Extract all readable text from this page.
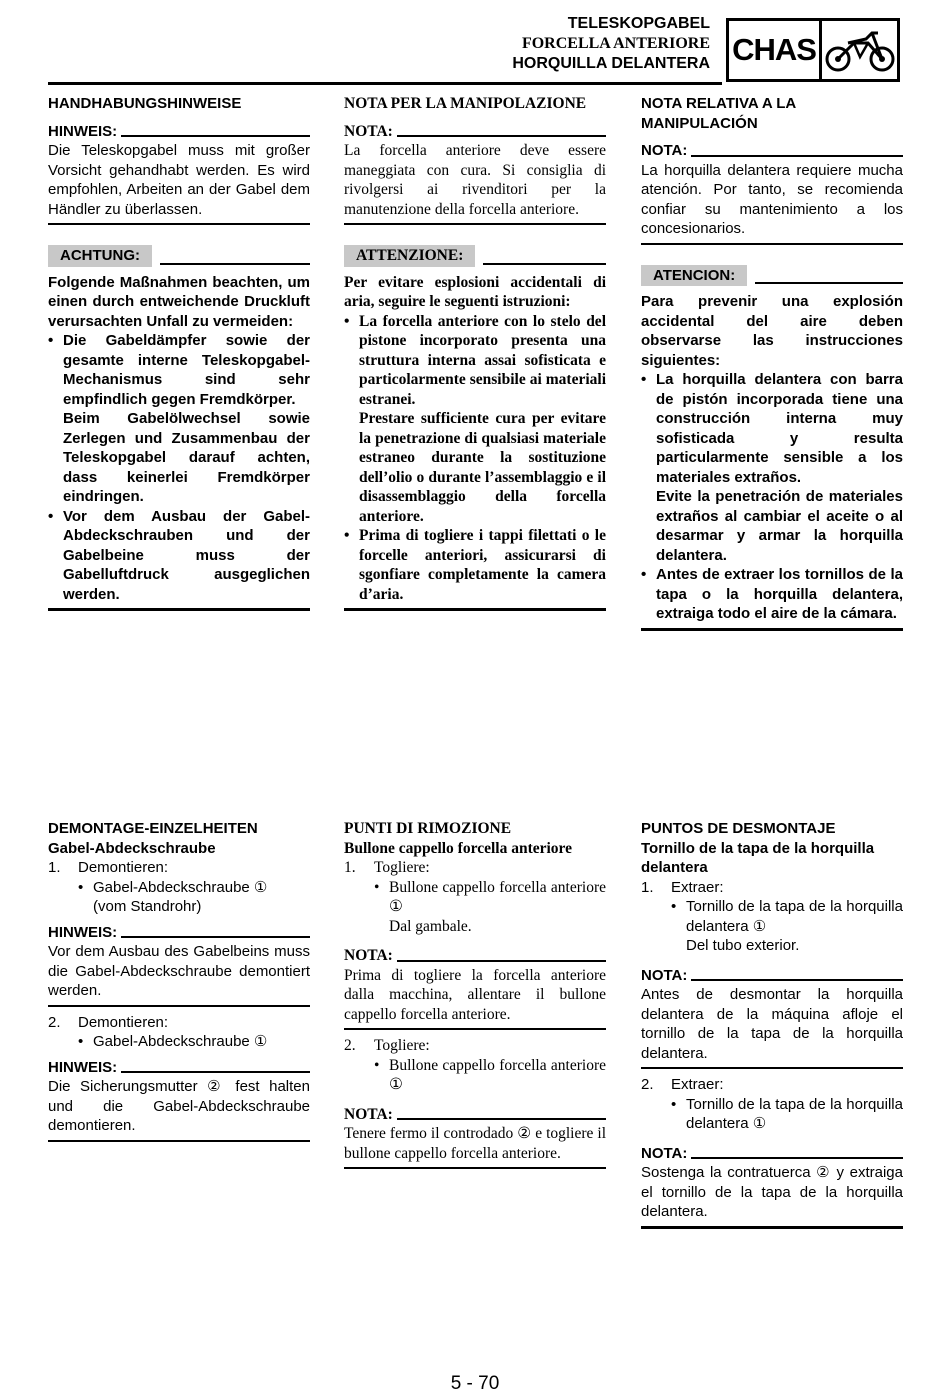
TELESKOPGABEL
FORCELLA ANTERIORE
HORQUILLA DELANTERA CHAS

HANDHABUNGSHINWEISE

HINWEIS:

Die Teleskopgabel muss mit großer Vorsicht gehandhabt werden. Es wird empfohlen, Arbeiten an der Gabel dem Händler zu überlassen.

ACHTUNG:

Folgende Maßnahmen beachten, um einen durch entweichende Druckluft verursachten Unfall zu vermeiden:

• Die Gabeldämpfer sowie der gesamte interne Teleskopgabel-Mechanismus sind sehr empfindlich gegen Fremdkörper.
Beim Gabelölwechsel sowie Zerlegen und Zusammenbau der Teleskopgabel darauf achten, dass keinerlei Fremdkörper eindringen.
• Vor dem Ausbau der Gabel-Abdeckschrauben und der Gabelbeine muss der Gabelluftdruck ausgeglichen werden.

NOTA PER LA MANIPOLAZIONE

NOTA:

La forcella anteriore deve essere maneggiata con cura. Si consiglia di rivolgersi ai rivenditori per la manutenzione della forcella anteriore.

ATTENZIONE:

Per evitare esplosioni accidentali di aria, seguire le seguenti istruzioni:

• La forcella anteriore con lo stelo del pistone incorporato presenta una struttura interna assai sofisticata e particolarmente sensibile ai materiali estranei.
Prestare sufficiente cura per evitare la penetrazione di qualsiasi materiale estraneo durante la sostituzione dell’olio o durante l’assemblaggio e il disassemblaggio della forcella anteriore.
• Prima di togliere i tappi filettati o le forcelle anteriori, assicurarsi di sgonfiare completamente la camera d’aria.

NOTA RELATIVA A LA MANIPULACIÓN

NOTA:

La horquilla delantera requiere mucha atención. Por tanto, se recomienda confiar su mantenimiento a los concesionarios.

ATENCION:

Para prevenir una explosión accidental del aire deben observarse las instrucciones siguientes:

• La horquilla delantera con barra de pistón incorporada tiene una construcción interna muy sofisticada y resulta particularmente sensible a los materiales extraños.
Evite la penetración de materiales extraños al cambiar el aceite o al desarmar y armar la horquilla delantera.
• Antes de extraer los tornillos de la tapa o la horquilla delantera, extraiga todo el aire de la cámara.

DEMONTAGE-EINZELHEITEN

Gabel-Abdeckschraube

1.	Demontieren:
• Gabel-Abdeckschraube ①
(vom Standrohr)
HINWEIS:

Vor dem Ausbau des Gabelbeins muss die Gabel-Abdeckschraube demontiert werden.

2.	Demontieren:
• Gabel-Abdeckschraube ①
HINWEIS:

Die Sicherungsmutter ② fest halten und die Gabel-Abdeckschraube demontieren.

PUNTI DI RIMOZIONE

Bullone cappello forcella anteriore

1.	Togliere:
• Bullone cappello forcella anteriore ①
Dal gambale.
NOTA:

Prima di togliere la forcella anteriore dalla macchina, allentare il bullone cappello forcella anteriore.

2.	Togliere:
• Bullone cappello forcella anteriore ①
NOTA:

Tenere fermo il controdado ② e togliere il bullone cappello forcella anteriore.

PUNTOS DE DESMONTAJE

Tornillo de la tapa de la horquilla delantera

1.	Extraer:
• Tornillo de la tapa de la horquilla delantera ①
Del tubo exterior.
NOTA:

Antes de desmontar la horquilla delantera de la máquina afloje el tornillo de la tapa de la horquilla delantera.

2.	Extraer:
• Tornillo de la tapa de la horquilla delantera ①
NOTA:

Sostenga la contratuerca ② y extraiga el tornillo de la tapa de la horquilla delantera.

5 - 70
